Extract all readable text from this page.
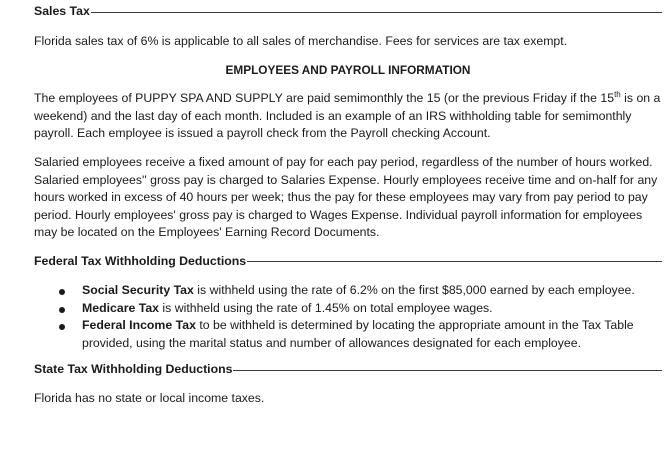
Sales Tax

Florida sales tax of 6% is applicable to all sales of merchandise. Fees for services are tax exempt.

EMPLOYEES AND PAYROLL INFORMATION

The employees of PUPPY SPA AND SUPPLY are paid semimonthly the 15 (or the previous Friday if the 15th is on a weekend) and the last day of each month. Included is an example of an IRS withholding table for semimonthly payroll. Each employee is issued a payroll check from the Payroll checking Account.

Salaried employees receive a fixed amount of pay for each pay period, regardless of the number of hours worked. Salaried employees'' gross pay is charged to Salaries Expense. Hourly employees receive time and on-half for any hours worked in excess of 40 hours per week; thus the pay for these employees may vary from pay period to pay period. Hourly employees' gross pay is charged to Wages Expense. Individual payroll information for employees may be located on the Employees' Earning Record Documents.

Federal Tax Withholding Deductions
Social Security Tax is withheld using the rate of 6.2% on the first $85,000 earned by each employee.
Medicare Tax is withheld using the rate of 1.45% on total employee wages.
Federal Income Tax to be withheld is determined by locating the appropriate amount in the Tax Table provided, using the marital status and number of allowances designated for each employee.
State Tax Withholding Deductions

Florida has no state or local income taxes.
